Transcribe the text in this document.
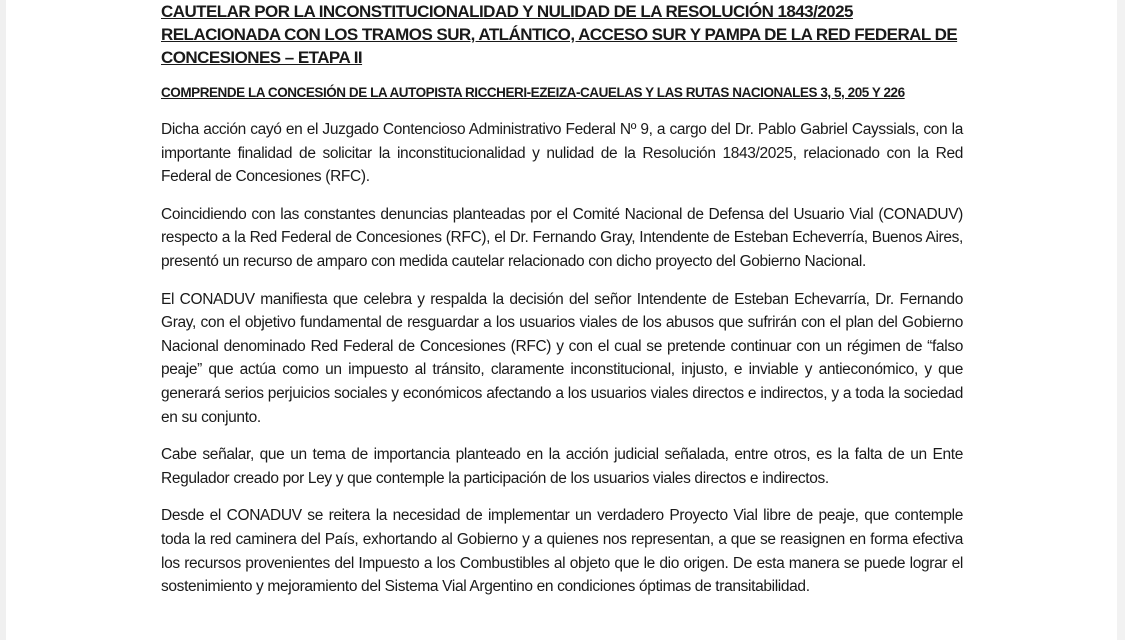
CAUTELAR POR LA INCONSTITUCIONALIDAD Y NULIDAD DE LA RESOLUCIÓN 1843/2025 RELACIONADA CON LOS TRAMOS SUR, ATLÁNTICO, ACCESO SUR Y PAMPA DE LA RED FEDERAL DE CONCESIONES – ETAPA II
COMPRENDE LA CONCESIÓN DE LA AUTOPISTA RICCHERI-EZEIZA-CAUELAS Y LAS RUTAS NACIONALES 3, 5, 205 Y 226

Dicha acción cayó en el Juzgado Contencioso Administrativo Federal Nº 9, a cargo del Dr. Pablo Gabriel Cayssials, con la importante finalidad de solicitar la inconstitucionalidad y nulidad de la Resolución 1843/2025, relacionado con la Red Federal de Concesiones (RFC).

Coincidiendo con las constantes denuncias planteadas por el Comité Nacional de Defensa del Usuario Vial (CONADUV) respecto a la Red Federal de Concesiones (RFC), el Dr. Fernando Gray, Intendente de Esteban Echeverría, Buenos Aires, presentó un recurso de amparo con medida cautelar relacionado con dicho proyecto del Gobierno Nacional.

El CONADUV manifiesta que celebra y respalda la decisión del señor Intendente de Esteban Echevarría, Dr. Fernando Gray, con el objetivo fundamental de resguardar a los usuarios viales de los abusos que sufrirán con el plan del Gobierno Nacional denominado Red Federal de Concesiones (RFC) y con el cual se pretende continuar con un régimen de “falso peaje” que actúa como un impuesto al tránsito, claramente inconstitucional, injusto, e inviable y antieconómico, y que generará serios perjuicios sociales y económicos afectando a los usuarios viales directos e indirectos, y a toda la sociedad en su conjunto.

Cabe señalar, que un tema de importancia planteado en la acción judicial señalada, entre otros, es la falta de un Ente Regulador creado por Ley y que contemple la participación de los usuarios viales directos e indirectos.

Desde el CONADUV se reitera la necesidad de implementar un verdadero Proyecto Vial libre de peaje, que contemple toda la red caminera del País, exhortando al Gobierno y a quienes nos representan, a que se reasignen en forma efectiva los recursos provenientes del Impuesto a los Combustibles al objeto que le dio origen. De esta manera se puede lograr el sostenimiento y mejoramiento del Sistema Vial Argentino en condiciones óptimas de transitabilidad.
